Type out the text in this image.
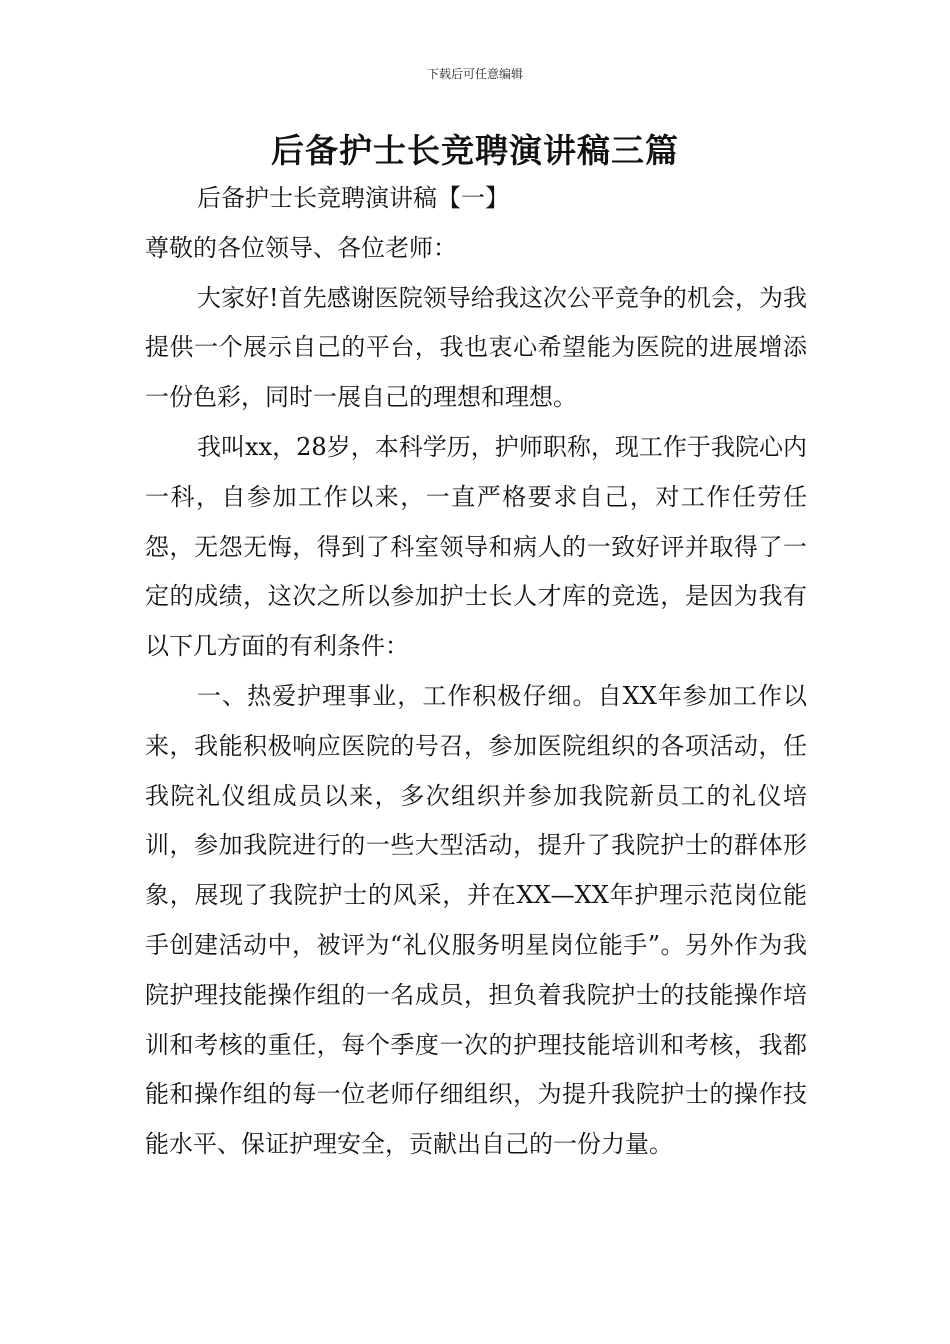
下载后可任意编辑
后备护士长竞聘演讲稿三篇

后备护士长竞聘演讲稿【一】

尊敬的各位领导、各位老师：

大家好!首先感谢医院领导给我这次公平竞争的机会，为我提供一个展示自己的平台，我也衷心希望能为医院的进展增添一份色彩，同时一展自己的理想和理想。

我叫xx，28岁，本科学历，护师职称，现工作于我院心内一科，自参加工作以来，一直严格要求自己，对工作任劳任怨，无怨无悔，得到了科室领导和病人的一致好评并取得了一定的成绩，这次之所以参加护士长人才库的竞选，是因为我有以下几方面的有利条件：

一、热爱护理事业，工作积极仔细。自XX年参加工作以来，我能积极响应医院的号召，参加医院组织的各项活动，任我院礼仪组成员以来，多次组织并参加我院新员工的礼仪培训，参加我院进行的一些大型活动，提升了我院护士的群体形象，展现了我院护士的风采，并在XX—XX年护理示范岗位能手创建活动中，被评为“礼仪服务明星岗位能手”。另外作为我院护理技能操作组的一名成员，担负着我院护士的技能操作培训和考核的重任，每个季度一次的护理技能培训和考核，我都能和操作组的每一位老师仔细组织，为提升我院护士的操作技能水平、保证护理安全，贡献出自己的一份力量。
